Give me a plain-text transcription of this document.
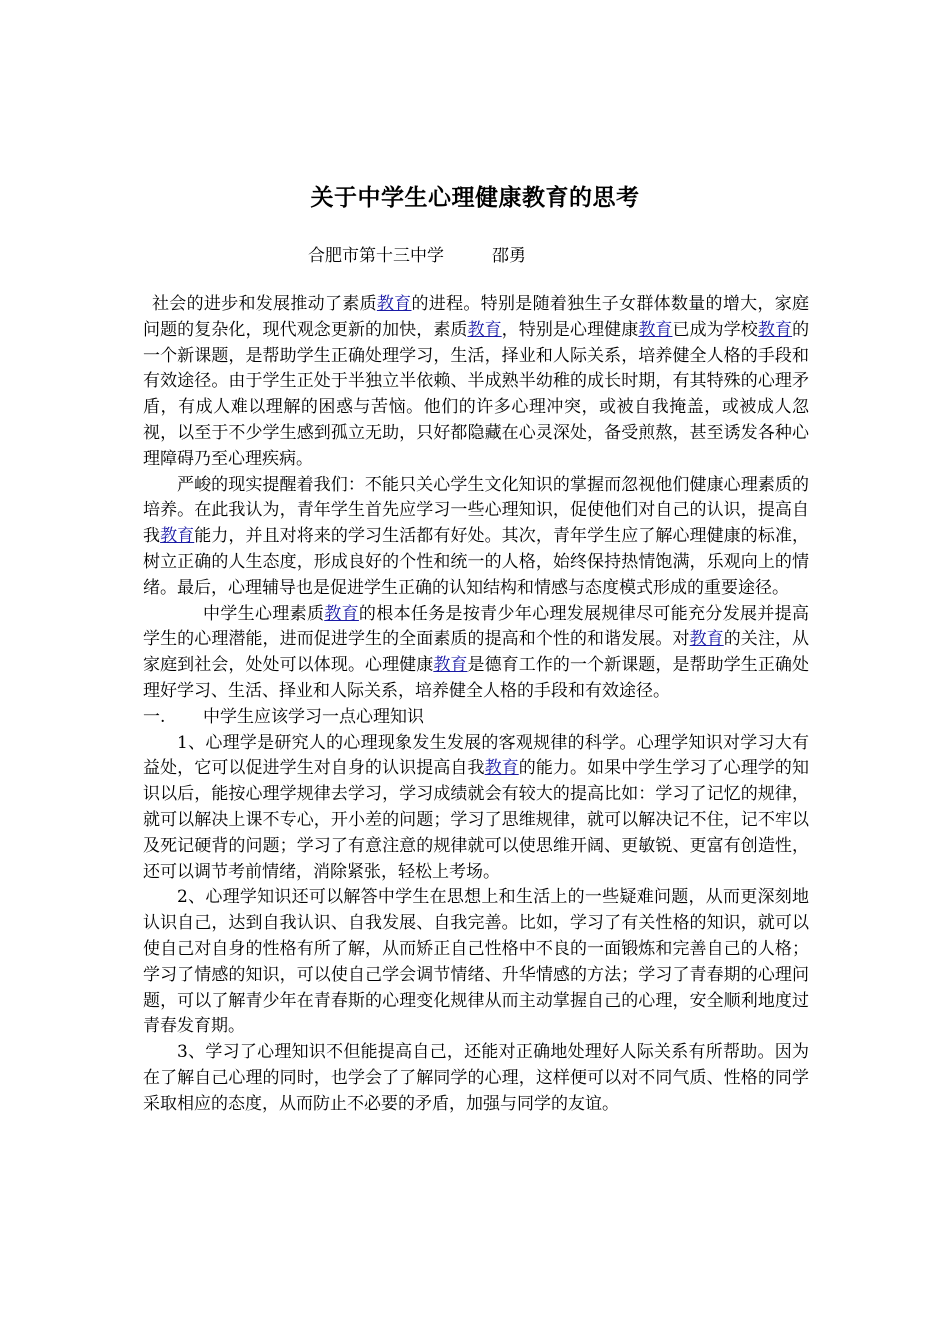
关于中学生心理健康教育的思考
合肥市第十三中学	邵勇

社会的进步和发展推动了素质教育的进程。特别是随着独生子女群体数量的增大，家庭问题的复杂化，现代观念更新的加快，素质教育，特别是心理健康教育已成为学校教育的一个新课题，是帮助学生正确处理学习，生活，择业和人际关系，培养健全人格的手段和有效途径。由于学生正处于半独立半依赖、半成熟半幼稚的成长时期，有其特殊的心理矛盾，有成人难以理解的困惑与苦恼。他们的许多心理冲突，或被自我掩盖，或被成人忽视，以至于不少学生感到孤立无助，只好都隐藏在心灵深处，备受煎熬，甚至诱发各种心理障碍乃至心理疾病。

严峻的现实提醒着我们：不能只关心学生文化知识的掌握而忽视他们健康心理素质的培养。在此我认为，青年学生首先应学习一些心理知识，促使他们对自己的认识，提高自我教育能力，并且对将来的学习生活都有好处。其次，青年学生应了解心理健康的标准，树立正确的人生态度，形成良好的个性和统一的人格，始终保持热情饱满，乐观向上的情绪。最后，心理辅导也是促进学生正确的认知结构和情感与态度模式形成的重要途径。

中学生心理素质教育的根本任务是按青少年心理发展规律尽可能充分发展并提高学生的心理潜能，进而促进学生的全面素质的提高和个性的和谐发展。对教育的关注，从家庭到社会，处处可以体现。心理健康教育是德育工作的一个新课题，是帮助学生正确处理好学习、生活、择业和人际关系，培养健全人格的手段和有效途径。

一. 中学生应该学习一点心理知识

1、心理学是研究人的心理现象发生发展的客观规律的科学。心理学知识对学习大有益处，它可以促进学生对自身的认识提高自我教育的能力。如果中学生学习了心理学的知识以后，能按心理学规律去学习，学习成绩就会有较大的提高比如：学习了记忆的规律，就可以解决上课不专心，开小差的问题；学习了思维规律，就可以解决记不住，记不牢以及死记硬背的问题；学习了有意注意的规律就可以使思维开阔、更敏锐、更富有创造性，还可以调节考前情绪，消除紧张，轻松上考场。

2、心理学知识还可以解答中学生在思想上和生活上的一些疑难问题，从而更深刻地认识自己，达到自我认识、自我发展、自我完善。比如，学习了有关性格的知识，就可以使自己对自身的性格有所了解，从而矫正自己性格中不良的一面锻炼和完善自己的人格；学习了情感的知识，可以使自己学会调节情绪、升华情感的方法；学习了青春期的心理问题，可以了解青少年在青春斯的心理变化规律从而主动掌握自己的心理，安全顺利地度过青春发育期。

3、学习了心理知识不但能提高自己，还能对正确地处理好人际关系有所帮助。因为在了解自己心理的同时，也学会了了解同学的心理，这样便可以对不同气质、性格的同学采取相应的态度，从而防止不必要的矛盾，加强与同学的友谊。
